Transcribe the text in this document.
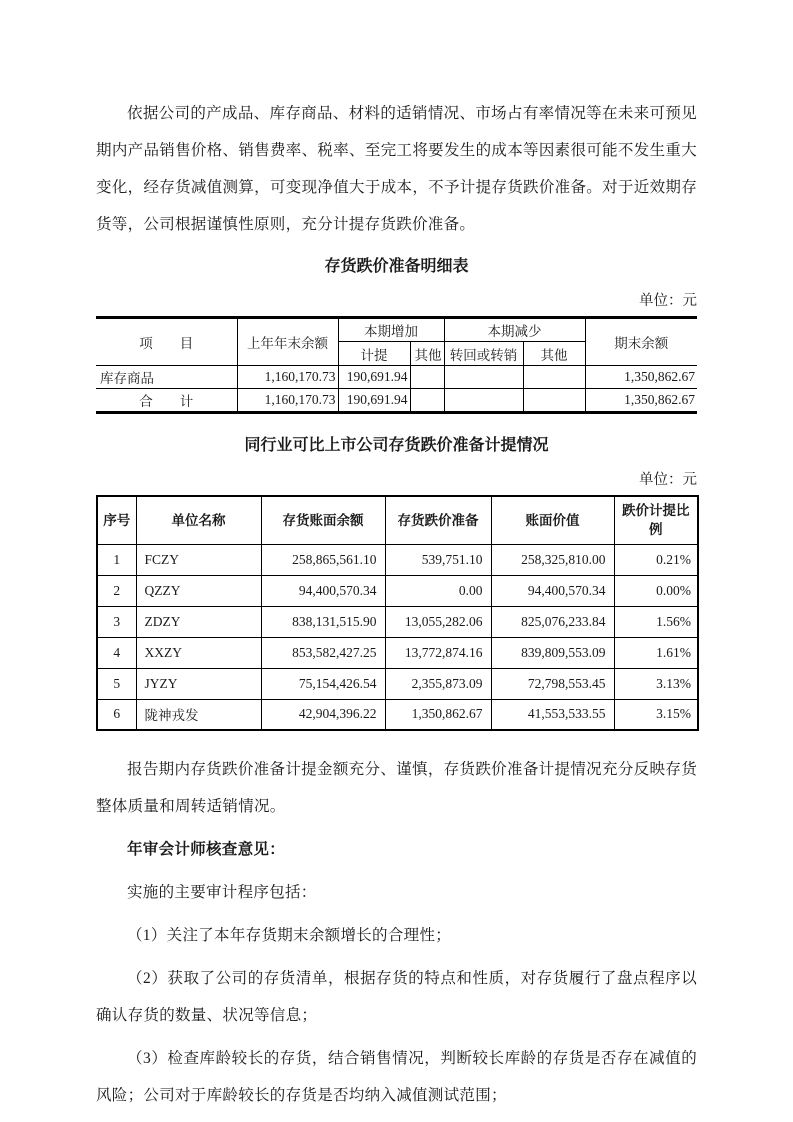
依据公司的产成品、库存商品、材料的适销情况、市场占有率情况等在未来可预见期内产品销售价格、销售费率、税率、至完工将要发生的成本等因素很可能不发生重大变化，经存货减值测算，可变现净值大于成本，不予计提存货跌价准备。对于近效期存货等，公司根据谨慎性原则，充分计提存货跌价准备。

存货跌价准备明细表

单位：元

项　　目	上年年末余额	本期增加		本期减少		期末余额
		计提	其他	转回或转销	其他	
库存商品	1,160,170.73	190,691.94				1,350,862.67
合　　计	1,160,170.73	190,691.94				1,350,862.67

同行业可比上市公司存货跌价准备计提情况

单位：元

序号	单位名称	存货账面余额	存货跌价准备	账面价值	跌价计提比例
1	FCZY	258,865,561.10	539,751.10	258,325,810.00	0.21%
2	QZZY	94,400,570.34	0.00	94,400,570.34	0.00%
3	ZDZY	838,131,515.90	13,055,282.06	825,076,233.84	1.56%
4	XXZY	853,582,427.25	13,772,874.16	839,809,553.09	1.61%
5	JYZY	75,154,426.54	2,355,873.09	72,798,553.45	3.13%
6	陇神戎发	42,904,396.22	1,350,862.67	41,553,533.55	3.15%

报告期内存货跌价准备计提金额充分、谨慎，存货跌价准备计提情况充分反映存货整体质量和周转适销情况。

年审会计师核查意见：

实施的主要审计程序包括：

（1）关注了本年存货期末余额增长的合理性；

（2）获取了公司的存货清单，根据存货的特点和性质，对存货履行了盘点程序以确认存货的数量、状况等信息；

（3）检查库龄较长的存货，结合销售情况，判断较长库龄的存货是否存在减值的风险；公司对于库龄较长的存货是否均纳入减值测试范围；
